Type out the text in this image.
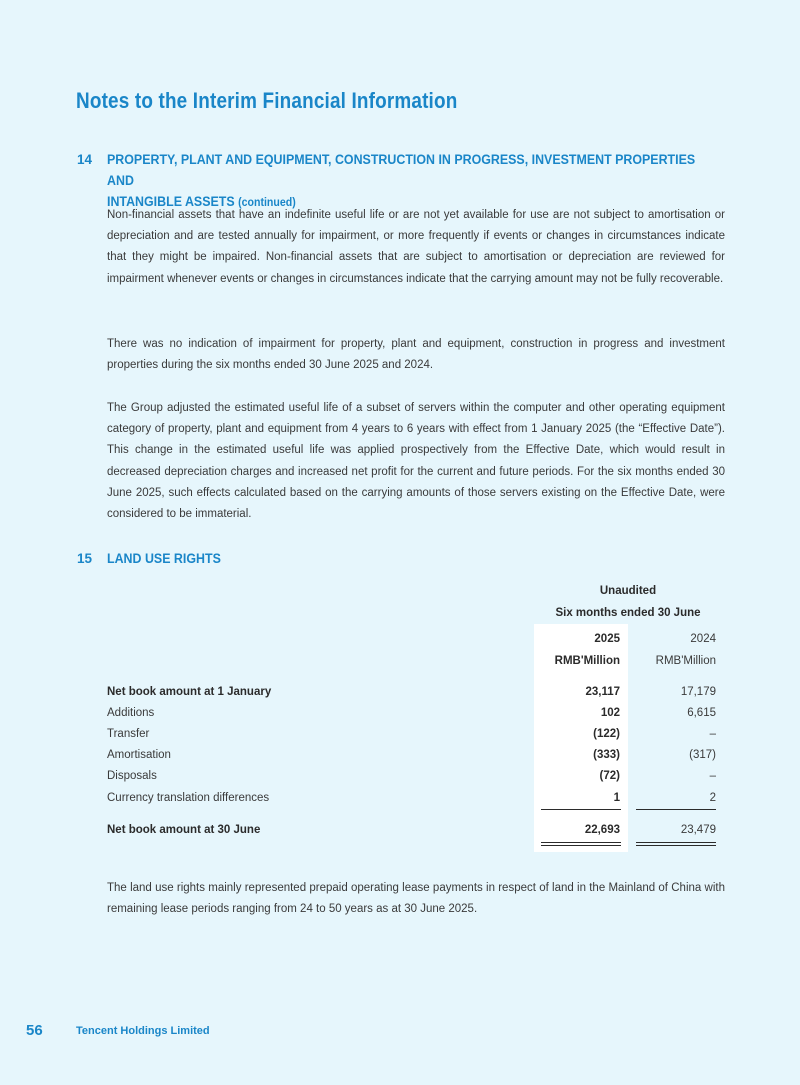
Notes to the Interim Financial Information
14 PROPERTY, PLANT AND EQUIPMENT, CONSTRUCTION IN PROGRESS, INVESTMENT PROPERTIES AND
INTANGIBLE ASSETS (continued)

Non-financial assets that have an indefinite useful life or are not yet available for use are not subject to amortisation or depreciation and are tested annually for impairment, or more frequently if events or changes in circumstances indicate that they might be impaired. Non-financial assets that are subject to amortisation or depreciation are reviewed for impairment whenever events or changes in circumstances indicate that the carrying amount may not be fully recoverable.

There was no indication of impairment for property, plant and equipment, construction in progress and investment properties during the six months ended 30 June 2025 and 2024.

The Group adjusted the estimated useful life of a subset of servers within the computer and other operating equipment category of property, plant and equipment from 4 years to 6 years with effect from 1 January 2025 (the “Effective Date”). This change in the estimated useful life was applied prospectively from the Effective Date, which would result in decreased depreciation charges and increased net profit for the current and future periods. For the six months ended 30 June 2025, such effects calculated based on the carrying amounts of those servers existing on the Effective Date, were considered to be immaterial.

15 LAND USE RIGHTS
Unaudited
Six months ended 30 June
2025	2024
RMB'Million	RMB'Million
Net book amount at 1 January	23,117	17,179
Additions	102	6,615
Transfer	(122)	–
Amortisation	(333)	(317)
Disposals	(72)	–
Currency translation differences	1	2
Net book amount at 30 June	22,693	23,479

The land use rights mainly represented prepaid operating lease payments in respect of land in the Mainland of China with remaining lease periods ranging from 24 to 50 years as at 30 June 2025.

56	Tencent Holdings Limited
